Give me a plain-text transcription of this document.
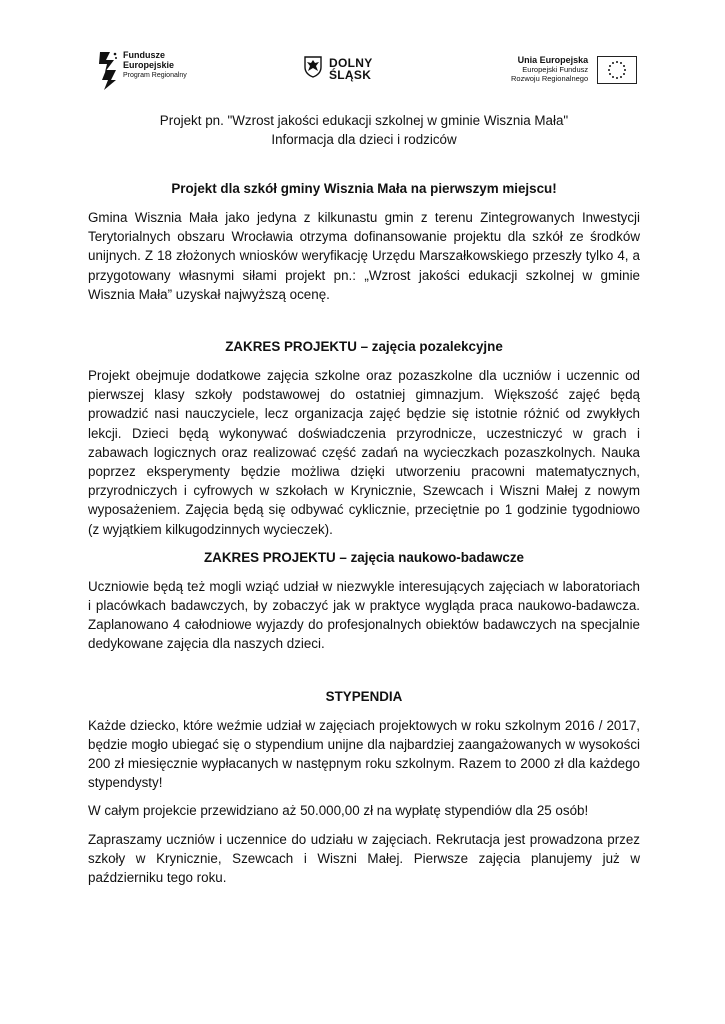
Fundusze
Europejskie
Program Regionalny
DOLNY
ŚLĄSK
Unia Europejska
Europejski Fundusz
Rozwoju Regionalnego
Projekt pn. "Wzrost jakości edukacji szkolnej w gminie Wisznia Mała"
Informacja dla dzieci i rodziców
Projekt dla szkół gminy Wisznia Mała na pierwszym miejscu!

Gmina Wisznia Mała jako jedyna z kilkunastu gmin z terenu Zintegrowanych Inwestycji Terytorialnych obszaru Wrocławia otrzyma dofinansowanie projektu dla szkół ze środków unijnych. Z 18 złożonych wniosków weryfikację Urzędu Marszałkowskiego przeszły tylko 4, a przygotowany własnymi siłami projekt pn.: „Wzrost jakości edukacji szkolnej w gminie Wisznia Mała” uzyskał najwyższą ocenę.

ZAKRES PROJEKTU – zajęcia pozalekcyjne

Projekt obejmuje dodatkowe zajęcia szkolne oraz pozaszkolne dla uczniów i uczennic od pierwszej klasy szkoły podstawowej do ostatniej gimnazjum. Większość zajęć będą prowadzić nasi nauczyciele, lecz organizacja zajęć będzie się istotnie różnić od zwykłych lekcji. Dzieci będą wykonywać doświadczenia przyrodnicze, uczestniczyć w grach i zabawach logicznych oraz realizować część zadań na wycieczkach pozaszkolnych. Nauka poprzez eksperymenty będzie możliwa dzięki utworzeniu pracowni matematycznych, przyrodniczych i cyfrowych w szkołach w Krynicznie, Szewcach i Wiszni Małej z nowym wyposażeniem. Zajęcia będą się odbywać cyklicznie, przeciętnie po 1 godzinie tygodniowo (z wyjątkiem kilkugodzinnych wycieczek).

ZAKRES PROJEKTU – zajęcia naukowo-badawcze

Uczniowie będą też mogli wziąć udział w niezwykle interesujących zajęciach w laboratoriach i placówkach badawczych, by zobaczyć jak w praktyce wygląda praca naukowo-badawcza. Zaplanowano 4 całodniowe wyjazdy do profesjonalnych obiektów badawczych na specjalnie dedykowane zajęcia dla naszych dzieci.

STYPENDIA

Każde dziecko, które weźmie udział w zajęciach projektowych w roku szkolnym 2016 / 2017, będzie mogło ubiegać się o stypendium unijne dla najbardziej zaangażowanych w wysokości 200 zł miesięcznie wypłacanych w następnym roku szkolnym. Razem to 2000 zł dla każdego stypendysty!

W całym projekcie przewidziano aż 50.000,00 zł na wypłatę stypendiów dla 25 osób!

Zapraszamy uczniów i uczennice do udziału w zajęciach. Rekrutacja jest prowadzona przez szkoły w Krynicznie, Szewcach i Wiszni Małej. Pierwsze zajęcia planujemy już w październiku tego roku.
